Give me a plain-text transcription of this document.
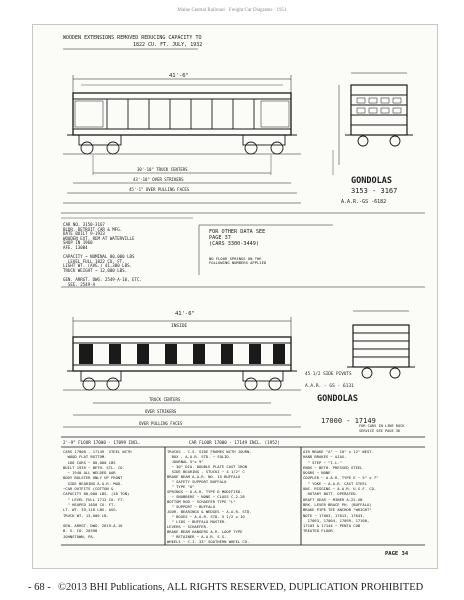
Maine Central Railroad · Freight Car Diagrams · 1951
WOODEN EXTENSIONS REMOVED REDUCING CAPACITY TO
1822 CU. FT. JULY, 1932
41'-6"
30'-10" TRUCK CENTERS
43'-10" OVER STRIKERS
45'-1" OVER PULLING FACES
GONDOLAS
3153 - 3167
A.A.R.-GS -6182
41'-6"
INSIDE
45 1/2 SIDE PIVOTS
A.A.R. - GS - 6131
GONDOLAS
17000 - 17149
FOR CARS IN LINE ROCK
SERVICE SEE PAGE 36
TRUCK CENTERS
OVER STRIKERS
OVER PULLING FACES
2'-9" FLOOR 17000 - 17099 INCL.	CAR FLOOR 17000 - 17149 INCL. (1952)
PAGE 34
CAR NO. 3150-3167
BLDR. DETROIT CAR & MFG.
DATE BUILT 9-1923
WOODEN EXT. REM AT WATERVILLE
SHOP IN 1960
AFE. 13004

CAPACITY ~ NOMINAL 80,000 LBS
LEVEL FULL 1822 CU. FT.
LIGHT WT. (AVG.) 41,300 LBS.
TRUCK WEIGHT ~ 12,000 LBS.

GEN. ARRGT. DWG. 2549-A-10, ETC.
SEE. 2549-A
FOR OTHER DATA SEE
PAGE 37
(CARS 3300-3449)
NO FLOOR SPRINGS ON THE
FOLLOWING NUMBERS APPLIED
CARS 17000 - 17149  STEEL WITH
WOOD FLAT BOTTOM.
160 CARS ~ 80,000 LBS
BUILT 1939 ~ BETH. STL. CO.
~ 1940 ALL WELDED AAR
BODY BOLSTER ONLY UP FRONT
SIDE BEARING A.A.R. MOD.
~CAR OUTFITS (COTTON &
CAPACITY 80,000 LBS. (40 TON)
" LEVEL FULL 1712 CU. FT.
" HEAPED 1850 CU. FT.
LT. WT. 39,118 LBS. AVG.
TRUCK WT. 13,000 LB.

GEN. ARRGT. DWG. 2619-A-10
B. S. CO. 20398
JOHNSTOWN, PA.
TRUCKS - C.S. SIDE FRAMES WITH JOURN.
BOX - A.A.R. STD. ~ SOLID.
JOURNAL 5"x 9"
~ 30" DIA. DOUBLE PLATE CAST IRON
SIDE BEARING - STUCKI ~ 4 1/2" C
BRAKE BEAM A.A.R. NO. 15 BUFFALO
" SAFETY SUPPORT BUFFALO
" TYPE "O"
SPRINGS ~ A.A.R. TYPE D MODIFIED.
~ SNUBBERS ~ NONE ~ CLASS C-2-28
BOTTOM ROD ~ SCHAEFER TYPE "L"
" SUPPORT ~ BUFFALO
JOUR. BEARINGS & WEDGES ~ A.A.R. STD.
" BOXES ~ A.A.R. STD. 5 1/2 x 10
" LIDS ~ BUFFALO MASTER.
LEVERS ~ SCHAEFER.
BRAKE BEAM HANGERS A.R. LOOP TYPE
" RETAINER ~ A.A.R. S.S.
WHEELS ~ C.I. 33" SOUTHERN WHEEL CO.
AIR BRAKE "A" ~ 10" x 12" WEST.
HAND BRAKES ~ AJAX.
" STEP ~ "I.L."
ENDS ~ BETH. PRESSED STEEL
DOORS ~ NONE
COUPLER ~ A.A.R. TYPE E ~ 5" x 7"
" YOKE ~ A.A.R. CAST STEEL
UNC. RIGGING ~ A.A.R. U.S.F. CO.
ROTARY BOTT. OPERATED.
DRAFT GEAR ~ MINER A-22-XB
BRK. LEVER BRACE PH. (BUFFALO)
BRAKE PIPE TEE ANCHOR "WRIGHT"
NOTE ~ 17003, 17013, 17043,
17063, 17064, 17099, 17100,
17103 & 17144 ~ PENTA COB
TREATED FLOOR.
- 68 - ©2013 BHI Publications, ALL RIGHTS RESERVED, DUPLICATION PROHIBITED
